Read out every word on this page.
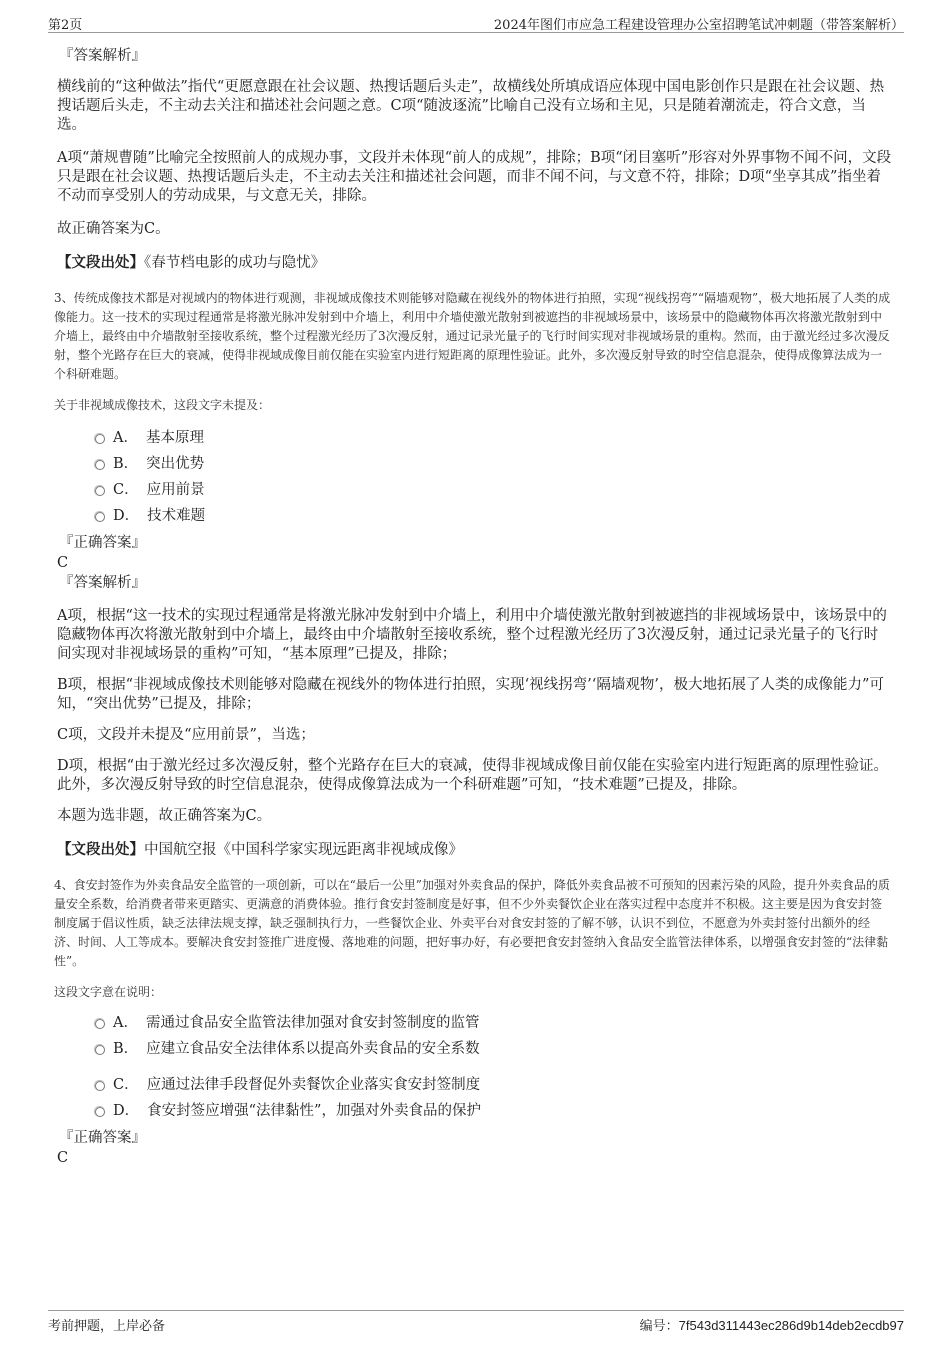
第2页	2024年图们市应急工程建设管理办公室招聘笔试冲刺题（带答案解析）

『答案解析』

横线前的“这种做法”指代“更愿意跟在社会议题、热搜话题后头走”，故横线处所填成语应体现中国电影创作只是跟在社会议题、热搜话题后头走，不主动去关注和描述社会问题之意。C项“随波逐流”比喻自己没有立场和主见，只是随着潮流走，符合文意，当选。

A项“萧规曹随”比喻完全按照前人的成规办事，文段并未体现“前人的成规”，排除；B项“闭目塞听”形容对外界事物不闻不问，文段只是跟在社会议题、热搜话题后头走，不主动去关注和描述社会问题，而非不闻不问，与文意不符，排除；D项“坐享其成”指坐着不动而享受别人的劳动成果，与文意无关，排除。

故正确答案为C。

【文段出处】《春节档电影的成功与隐忧》

3、传统成像技术都是对视域内的物体进行观测，非视域成像技术则能够对隐藏在视线外的物体进行拍照，实现“视线拐弯”“隔墙观物”，极大地拓展了人类的成像能力。这一技术的实现过程通常是将激光脉冲发射到中介墙上，利用中介墙使激光散射到被遮挡的非视域场景中，该场景中的隐藏物体再次将激光散射到中介墙上，最终由中介墙散射至接收系统，整个过程激光经历了3次漫反射，通过记录光量子的飞行时间实现对非视域场景的重构。然而，由于激光经过多次漫反射，整个光路存在巨大的衰减，使得非视域成像目前仅能在实验室内进行短距离的原理性验证。此外，多次漫反射导致的时空信息混杂，使得成像算法成为一个科研难题。

关于非视域成像技术，这段文字未提及：

A． 基本原理
B． 突出优势
C． 应用前景
D． 技术难题

『正确答案』

C

『答案解析』

A项，根据“这一技术的实现过程通常是将激光脉冲发射到中介墙上，利用中介墙使激光散射到被遮挡的非视域场景中，该场景中的隐藏物体再次将激光散射到中介墙上，最终由中介墙散射至接收系统，整个过程激光经历了3次漫反射，通过记录光量子的飞行时间实现对非视域场景的重构”可知，“基本原理”已提及，排除；

B项，根据“非视域成像技术则能够对隐藏在视线外的物体进行拍照，实现‘视线拐弯’‘隔墙观物’，极大地拓展了人类的成像能力”可知，“突出优势”已提及，排除；

C项，文段并未提及“应用前景”，当选；

D项，根据“由于激光经过多次漫反射，整个光路存在巨大的衰减，使得非视域成像目前仅能在实验室内进行短距离的原理性验证。此外，多次漫反射导致的时空信息混杂，使得成像算法成为一个科研难题”可知，“技术难题”已提及，排除。

本题为选非题，故正确答案为C。

【文段出处】中国航空报《中国科学家实现远距离非视域成像》

4、食安封签作为外卖食品安全监管的一项创新，可以在“最后一公里”加强对外卖食品的保护，降低外卖食品被不可预知的因素污染的风险，提升外卖食品的质量安全系数，给消费者带来更踏实、更满意的消费体验。推行食安封签制度是好事，但不少外卖餐饮企业在落实过程中态度并不积极。这主要是因为食安封签制度属于倡议性质，缺乏法律法规支撑，缺乏强制执行力，一些餐饮企业、外卖平台对食安封签的了解不够，认识不到位，不愿意为外卖封签付出额外的经济、时间、人工等成本。要解决食安封签推广进度慢、落地难的问题，把好事办好，有必要把食安封签纳入食品安全监管法律体系，以增强食安封签的“法律黏性”。

这段文字意在说明：

A． 需通过食品安全监管法律加强对食安封签制度的监管
B． 应建立食品安全法律体系以提高外卖食品的安全系数
C． 应通过法律手段督促外卖餐饮企业落实食安封签制度
D． 食安封签应增强“法律黏性”，加强对外卖食品的保护

『正确答案』

C

考前押题，上岸必备	编号：7f543d311443ec286d9b14deb2ecdb97
